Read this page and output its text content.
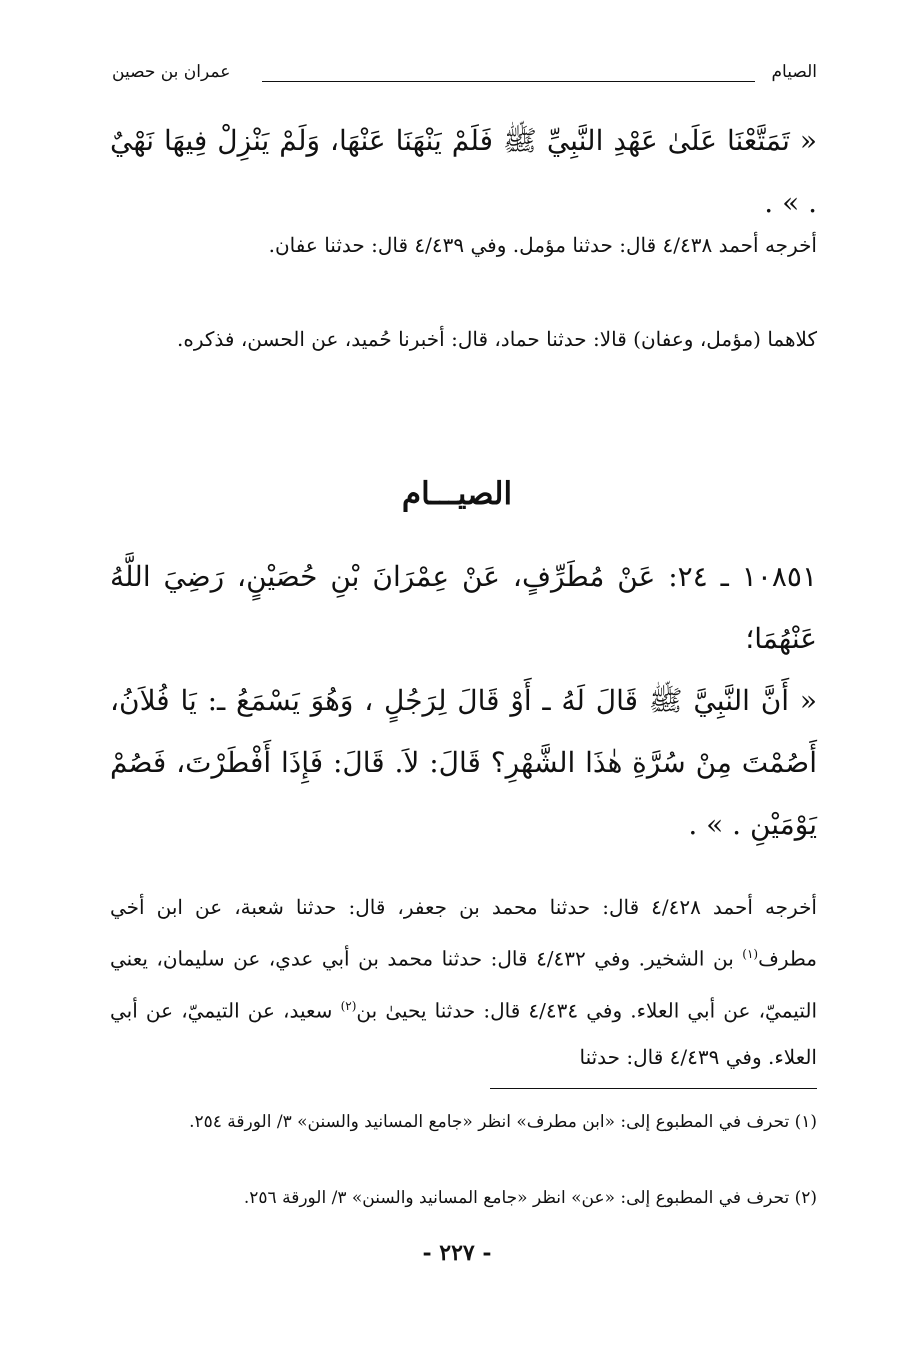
الصيام
عمران بن حصين
« تَمَتَّعْنَا عَلَىٰ عَهْدِ النَّبِيِّ ﷺ فَلَمْ يَنْهَنَا عَنْهَا، وَلَمْ يَنْزِلْ فِيهَا نَهْيٌ . » .
أخرجه أحمد ٤/٤٣٨ قال: حدثنا مؤمل. وفي ٤/٤٣٩ قال: حدثنا عفان.
كلاهما (مؤمل، وعفان) قالا: حدثنا حماد، قال: أخبرنا حُميد، عن الحسن، فذكره.
الصيـــام
١٠٨٥١ ـ ٢٤: عَنْ مُطَرِّفٍ، عَنْ عِمْرَانَ بْنِ حُصَيْنٍ، رَضِيَ اللَّهُ عَنْهُمَا؛
« أَنَّ النَّبِيَّ ﷺ قَالَ لَهُ ـ أَوْ قَالَ لِرَجُلٍ ، وَهُوَ يَسْمَعُ ـ: يَا فُلاَنُ، أَصُمْتَ مِنْ سُرَّةِ هٰذَا الشَّهْرِ؟ قَالَ: لاَ. قَالَ: فَإِذَا أَفْطَرْتَ، فَصُمْ يَوْمَيْنِ . » .
أخرجه أحمد ٤/٤٢٨ قال: حدثنا محمد بن جعفر، قال: حدثنا شعبة، عن ابن أخي مطرف$^{(١)}$ بن الشخير. وفي ٤/٤٣٢ قال: حدثنا محمد بن أبي عدي، عن سليمان، يعني التيميّ، عن أبي العلاء. وفي ٤/٤٣٤ قال: حدثنا يحيىٰ بن$^{(٢)}$ سعيد، عن التيميّ، عن أبي العلاء. وفي ٤/٤٣٩ قال: حدثنا
(١) تحرف في المطبوع إلى: «ابن مطرف» انظر «جامع المسانيد والسنن» ٣/ الورقة ٢٥٤.
(٢) تحرف في المطبوع إلى: «عن» انظر «جامع المسانيد والسنن» ٣/ الورقة ٢٥٦.
- ٢٢٧ -
